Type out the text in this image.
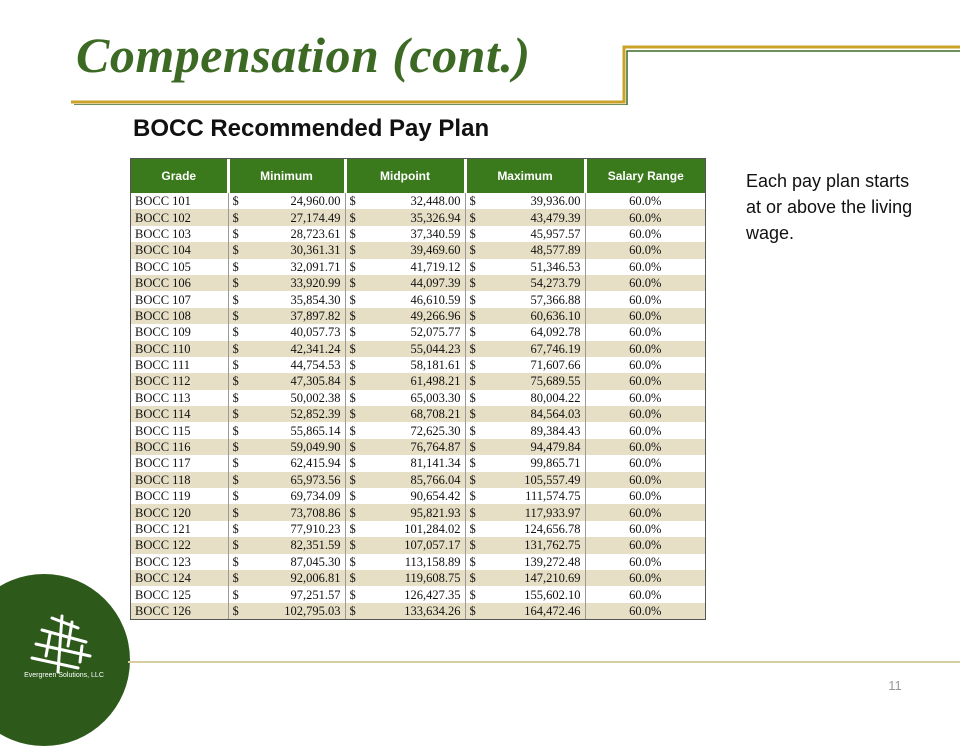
Compensation (cont.)
BOCC Recommended Pay Plan
Grade	Minimum	Midpoint	Maximum	Salary Range
BOCC 101	$ 24,960.00	$ 32,448.00	$ 39,936.00	60.0%
BOCC 102	$ 27,174.49	$ 35,326.94	$ 43,479.39	60.0%
BOCC 103	$ 28,723.61	$ 37,340.59	$ 45,957.57	60.0%
BOCC 104	$ 30,361.31	$ 39,469.60	$ 48,577.89	60.0%
BOCC 105	$ 32,091.71	$ 41,719.12	$ 51,346.53	60.0%
BOCC 106	$ 33,920.99	$ 44,097.39	$ 54,273.79	60.0%
BOCC 107	$ 35,854.30	$ 46,610.59	$ 57,366.88	60.0%
BOCC 108	$ 37,897.82	$ 49,266.96	$ 60,636.10	60.0%
BOCC 109	$ 40,057.73	$ 52,075.77	$ 64,092.78	60.0%
BOCC 110	$ 42,341.24	$ 55,044.23	$ 67,746.19	60.0%
BOCC 111	$ 44,754.53	$ 58,181.61	$ 71,607.66	60.0%
BOCC 112	$ 47,305.84	$ 61,498.21	$ 75,689.55	60.0%
BOCC 113	$ 50,002.38	$ 65,003.30	$ 80,004.22	60.0%
BOCC 114	$ 52,852.39	$ 68,708.21	$ 84,564.03	60.0%
BOCC 115	$ 55,865.14	$ 72,625.30	$ 89,384.43	60.0%
BOCC 116	$ 59,049.90	$ 76,764.87	$ 94,479.84	60.0%
BOCC 117	$ 62,415.94	$ 81,141.34	$ 99,865.71	60.0%
BOCC 118	$ 65,973.56	$ 85,766.04	$ 105,557.49	60.0%
BOCC 119	$ 69,734.09	$ 90,654.42	$ 111,574.75	60.0%
BOCC 120	$ 73,708.86	$ 95,821.93	$ 117,933.97	60.0%
BOCC 121	$ 77,910.23	$ 101,284.02	$ 124,656.78	60.0%
BOCC 122	$ 82,351.59	$ 107,057.17	$ 131,762.75	60.0%
BOCC 123	$ 87,045.30	$ 113,158.89	$ 139,272.48	60.0%
BOCC 124	$ 92,006.81	$ 119,608.75	$ 147,210.69	60.0%
BOCC 125	$ 97,251.57	$ 126,427.35	$ 155,602.10	60.0%
BOCC 126	$ 102,795.03	$ 133,634.26	$ 164,472.46	60.0%

Each pay plan starts at or above the living wage.

Evergreen Solutions, LLC
11
